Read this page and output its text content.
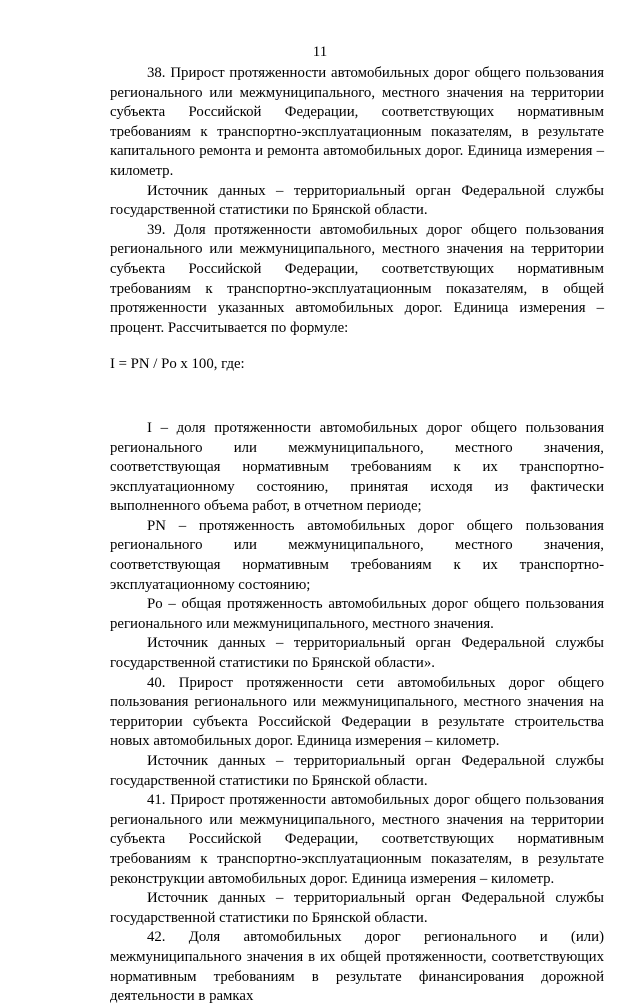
11

38. Прирост протяженности автомобильных дорог общего пользования регионального или межмуниципального, местного значения на территории субъекта Российской Федерации, соответствующих нормативным требованиям к транспортно-эксплуатационным показателям, в результате капитального ремонта и ремонта автомобильных дорог. Единица измерения – километр.

Источник данных – территориальный орган Федеральной службы государственной статистики по Брянской области.

39. Доля протяженности автомобильных дорог общего пользования регионального или межмуниципального, местного значения на территории субъекта Российской Федерации, соответствующих нормативным требованиям к транспортно-эксплуатационным показателям, в общей протяженности указанных автомобильных дорог. Единица измерения – процент. Рассчитывается по формуле:

I = PN / Po x 100, где:

I – доля протяженности автомобильных дорог общего пользования регионального или межмуниципального, местного значения, соответствующая нормативным требованиям к их транспортно-эксплуатационному состоянию, принятая исходя из фактически выполненного объема работ, в отчетном периоде;

PN – протяженность автомобильных дорог общего пользования регионального или межмуниципального, местного значения, соответствующая нормативным требованиям к их транспортно-эксплуатационному состоянию;

Po – общая протяженность автомобильных дорог общего пользования регионального или межмуниципального, местного значения.

Источник данных – территориальный орган Федеральной службы государственной статистики по Брянской области».

40. Прирост протяженности сети автомобильных дорог общего пользования регионального или межмуниципального, местного значения на территории субъекта Российской Федерации в результате строительства новых автомобильных дорог. Единица измерения – километр.

Источник данных – территориальный орган Федеральной службы государственной статистики по Брянской области.

41. Прирост протяженности автомобильных дорог общего пользования регионального или межмуниципального, местного значения на территории субъекта Российской Федерации, соответствующих нормативным требованиям к транспортно-эксплуатационным показателям, в результате реконструкции автомобильных дорог. Единица измерения – километр.

Источник данных – территориальный орган Федеральной службы государственной статистики по Брянской области.

42. Доля автомобильных дорог регионального и (или) межмуниципального значения в их общей протяженности, соответствующих нормативным требованиям в результате финансирования дорожной деятельности в рамках
